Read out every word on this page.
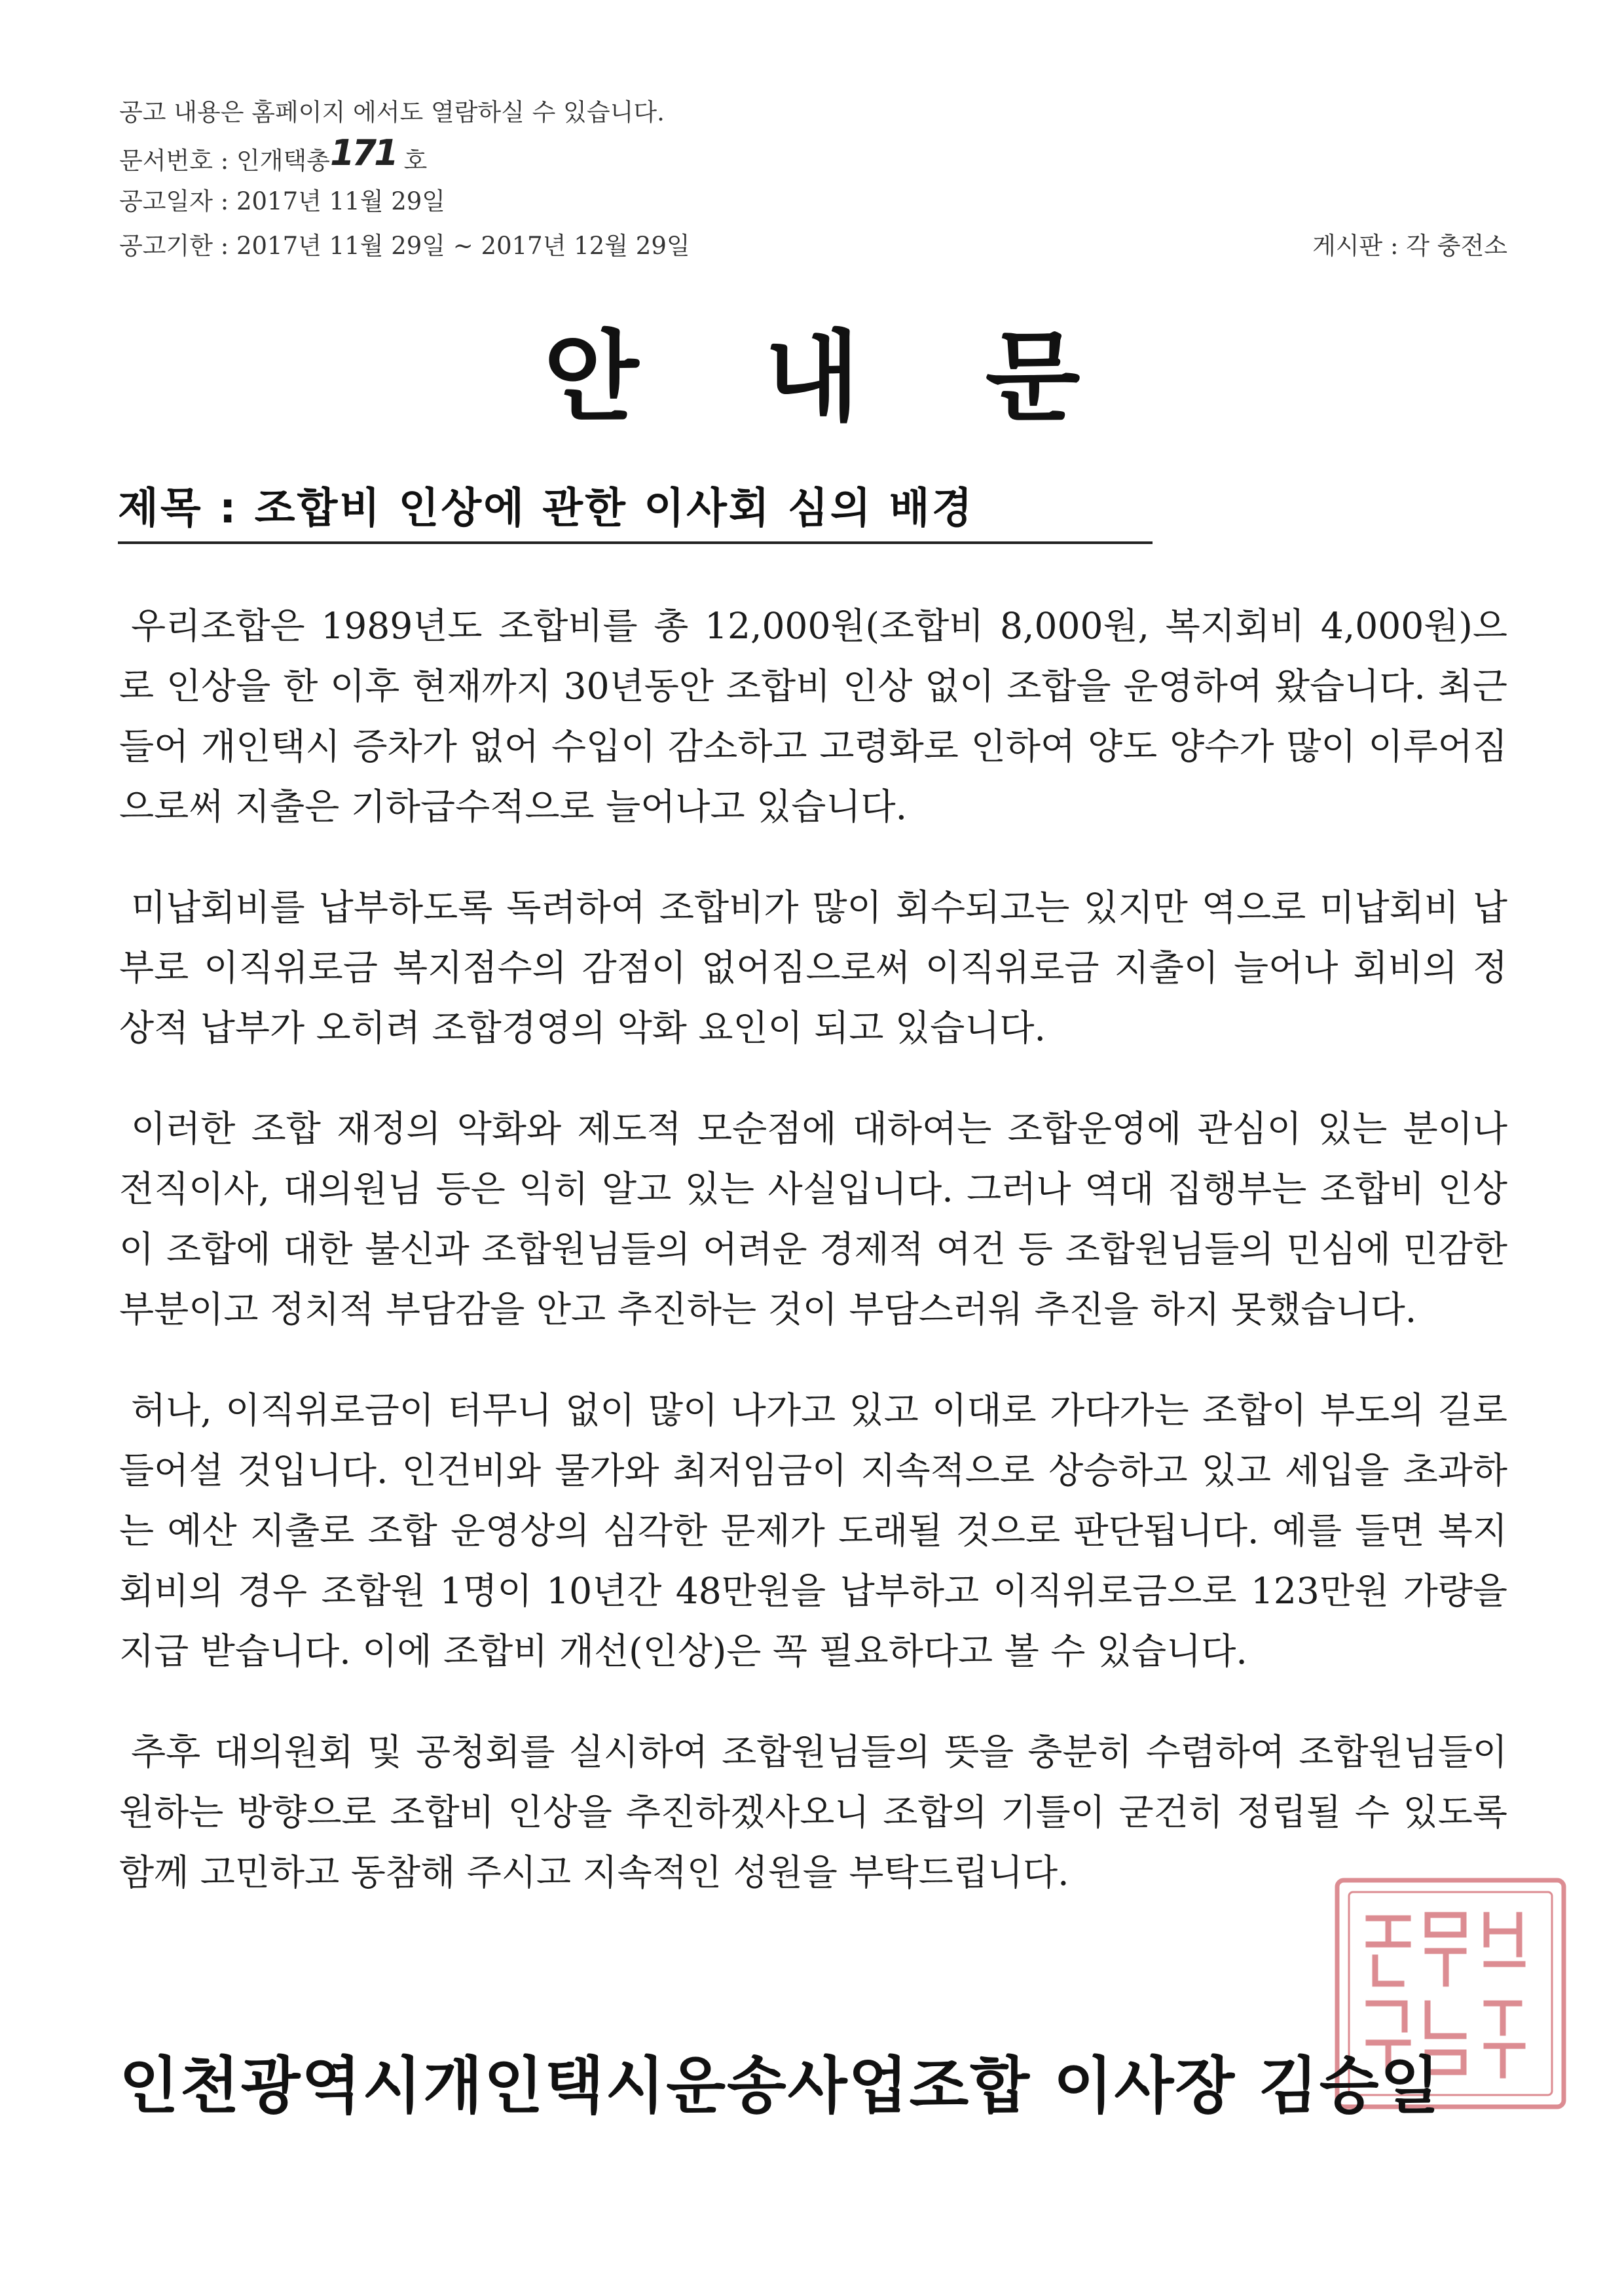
공고 내용은 홈페이지 에서도 열람하실 수 있습니다.
문서번호 : 인개택총171 호
공고일자 : 2017년 11월 29일
공고기한 : 2017년 11월 29일 ~ 2017년 12월 29일	게시판 : 각 충전소
안 내 문
제목 : 조합비 인상에 관한 이사회 심의 배경

우리조합은 1989년도 조합비를 총 12,000원(조합비 8,000원, 복지회비 4,000원)으로 인상을 한 이후 현재까지 30년동안 조합비 인상 없이 조합을 운영하여 왔습니다. 최근 들어 개인택시 증차가 없어 수입이 감소하고 고령화로 인하여 양도 양수가 많이 이루어짐으로써 지출은 기하급수적으로 늘어나고 있습니다.

미납회비를 납부하도록 독려하여 조합비가 많이 회수되고는 있지만 역으로 미납회비 납부로 이직위로금 복지점수의 감점이 없어짐으로써 이직위로금 지출이 늘어나 회비의 정상적 납부가 오히려 조합경영의 악화 요인이 되고 있습니다.

이러한 조합 재정의 악화와 제도적 모순점에 대하여는 조합운영에 관심이 있는 분이나 전직이사, 대의원님 등은 익히 알고 있는 사실입니다. 그러나 역대 집행부는 조합비 인상이 조합에 대한 불신과 조합원님들의 어려운 경제적 여건 등 조합원님들의 민심에 민감한 부분이고 정치적 부담감을 안고 추진하는 것이 부담스러워 추진을 하지 못했습니다.

허나, 이직위로금이 터무니 없이 많이 나가고 있고 이대로 가다가는 조합이 부도의 길로 들어설 것입니다. 인건비와 물가와 최저임금이 지속적으로 상승하고 있고 세입을 초과하는 예산 지출로 조합 운영상의 심각한 문제가 도래될 것으로 판단됩니다. 예를 들면 복지회비의 경우 조합원 1명이 10년간 48만원을 납부하고 이직위로금으로 123만원 가량을 지급 받습니다. 이에 조합비 개선(인상)은 꼭 필요하다고 볼 수 있습니다.

추후 대의원회 및 공청회를 실시하여 조합원님들의 뜻을 충분히 수렴하여 조합원님들이 원하는 방향으로 조합비 인상을 추진하겠사오니 조합의 기틀이 굳건히 정립될 수 있도록 함께 고민하고 동참해 주시고 지속적인 성원을 부탁드립니다.

인천광역시개인택시운송사업조합 이사장 김승일
